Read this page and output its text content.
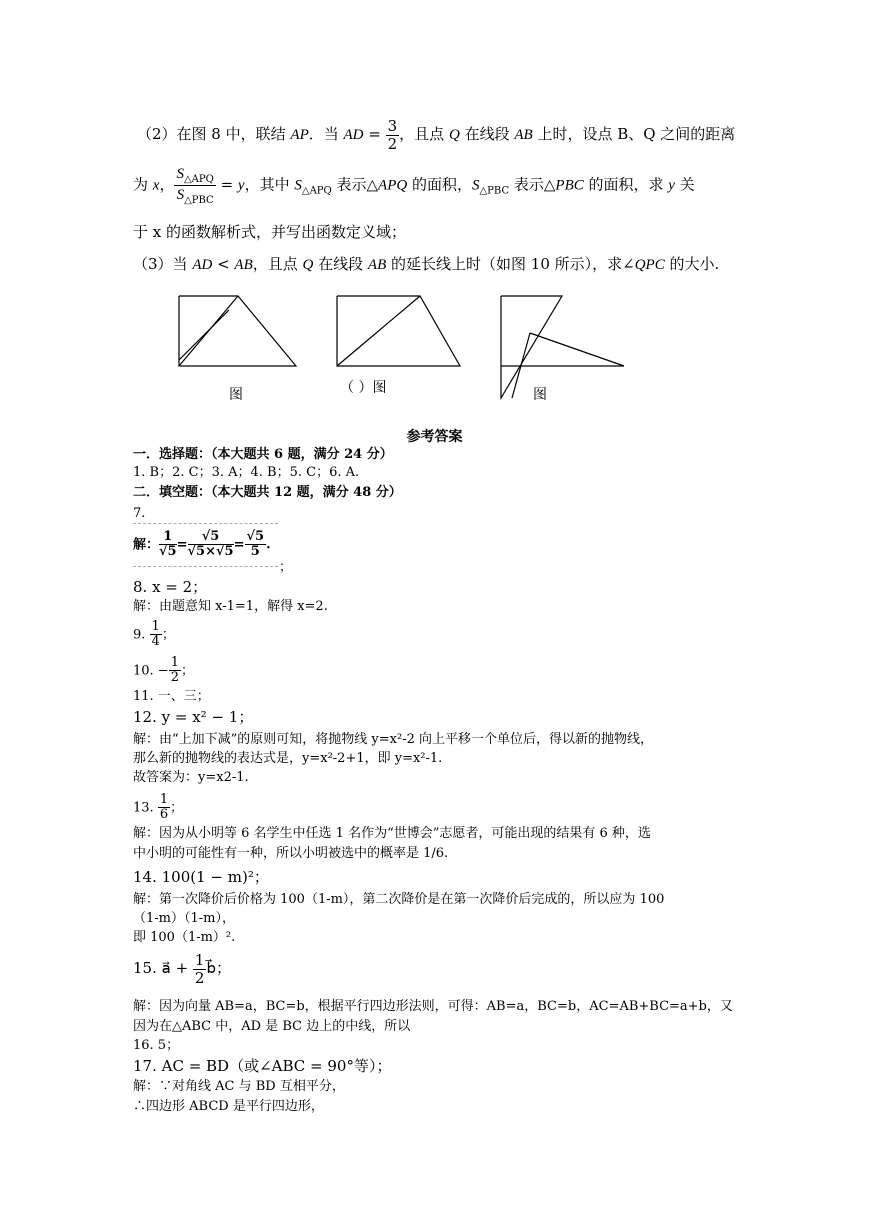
（2）在图 8 中，联结 AP．当 AD = $\frac{3}{2}$ ，且点 Q 在线段 AB 上时，设点 B、Q 之间的距离
为 x， $\frac{S_{\triangle APQ}}{S_{\triangle PBC}} = y$，其中 $S_{\triangle APQ}$ 表示△APQ 的面积，$S_{\triangle PBC}$ 表示△PBC 的面积，求 y 关
于 x 的函数解析式，并写出函数定义域；
（3）当 AD < AB，且点 Q 在线段 AB 的延长线上时（如图 10 所示），求∠QPC 的大小.
图	（ ）图	图
参考答案
一．选择题：（本大题共 6 题，满分 24 分）
1. B；2. C；3. A；4. B；5. C；6. A.
二．填空题：（本大题共 12 题，满分 48 分）
7.
解： $\frac{1}{√5} = \frac{√5}{√5\times√5} = \frac{√5}{5}$ .
；
8. x = 2；
解：由题意知 x-1=1，解得 x=2.
9. $\frac{1}{4}$ ；
10. − $\frac{1}{2}$ ；
11. 一、三；
12. y = x² − 1；
解：由“上加下减”的原则可知，将抛物线 y=x²-2 向上平移一个单位后，得以新的抛物线，
那么新的抛物线的表达式是，y=x²-2+1，即 y=x²-1.
故答案为：y=x2-1.
13. $\frac{1}{6}$ ；
解：因为从小明等 6 名学生中任选 1 名作为“世博会”志愿者，可能出现的结果有 6 种，选
中小明的可能性有一种，所以小明被选中的概率是 1/6.
14. 100(1 − m)²；
解：第一次降价后价格为 100（1-m），第二次降价是在第一次降价后完成的，所以应为 100
（1-m）（1-m），
即 100（1-m）².
15. a⃗ + $\frac{1}{2}$ b⃗；
解：因为向量 AB=a，BC=b，根据平行四边形法则，可得：AB=a，BC=b，AC=AB+BC=a+b，又
因为在△ABC 中，AD 是 BC 边上的中线，所以
16. 5；
17. AC = BD（或∠ABC = 90°等）；
解：∵对角线 AC 与 BD 互相平分，
∴四边形 ABCD 是平行四边形，
